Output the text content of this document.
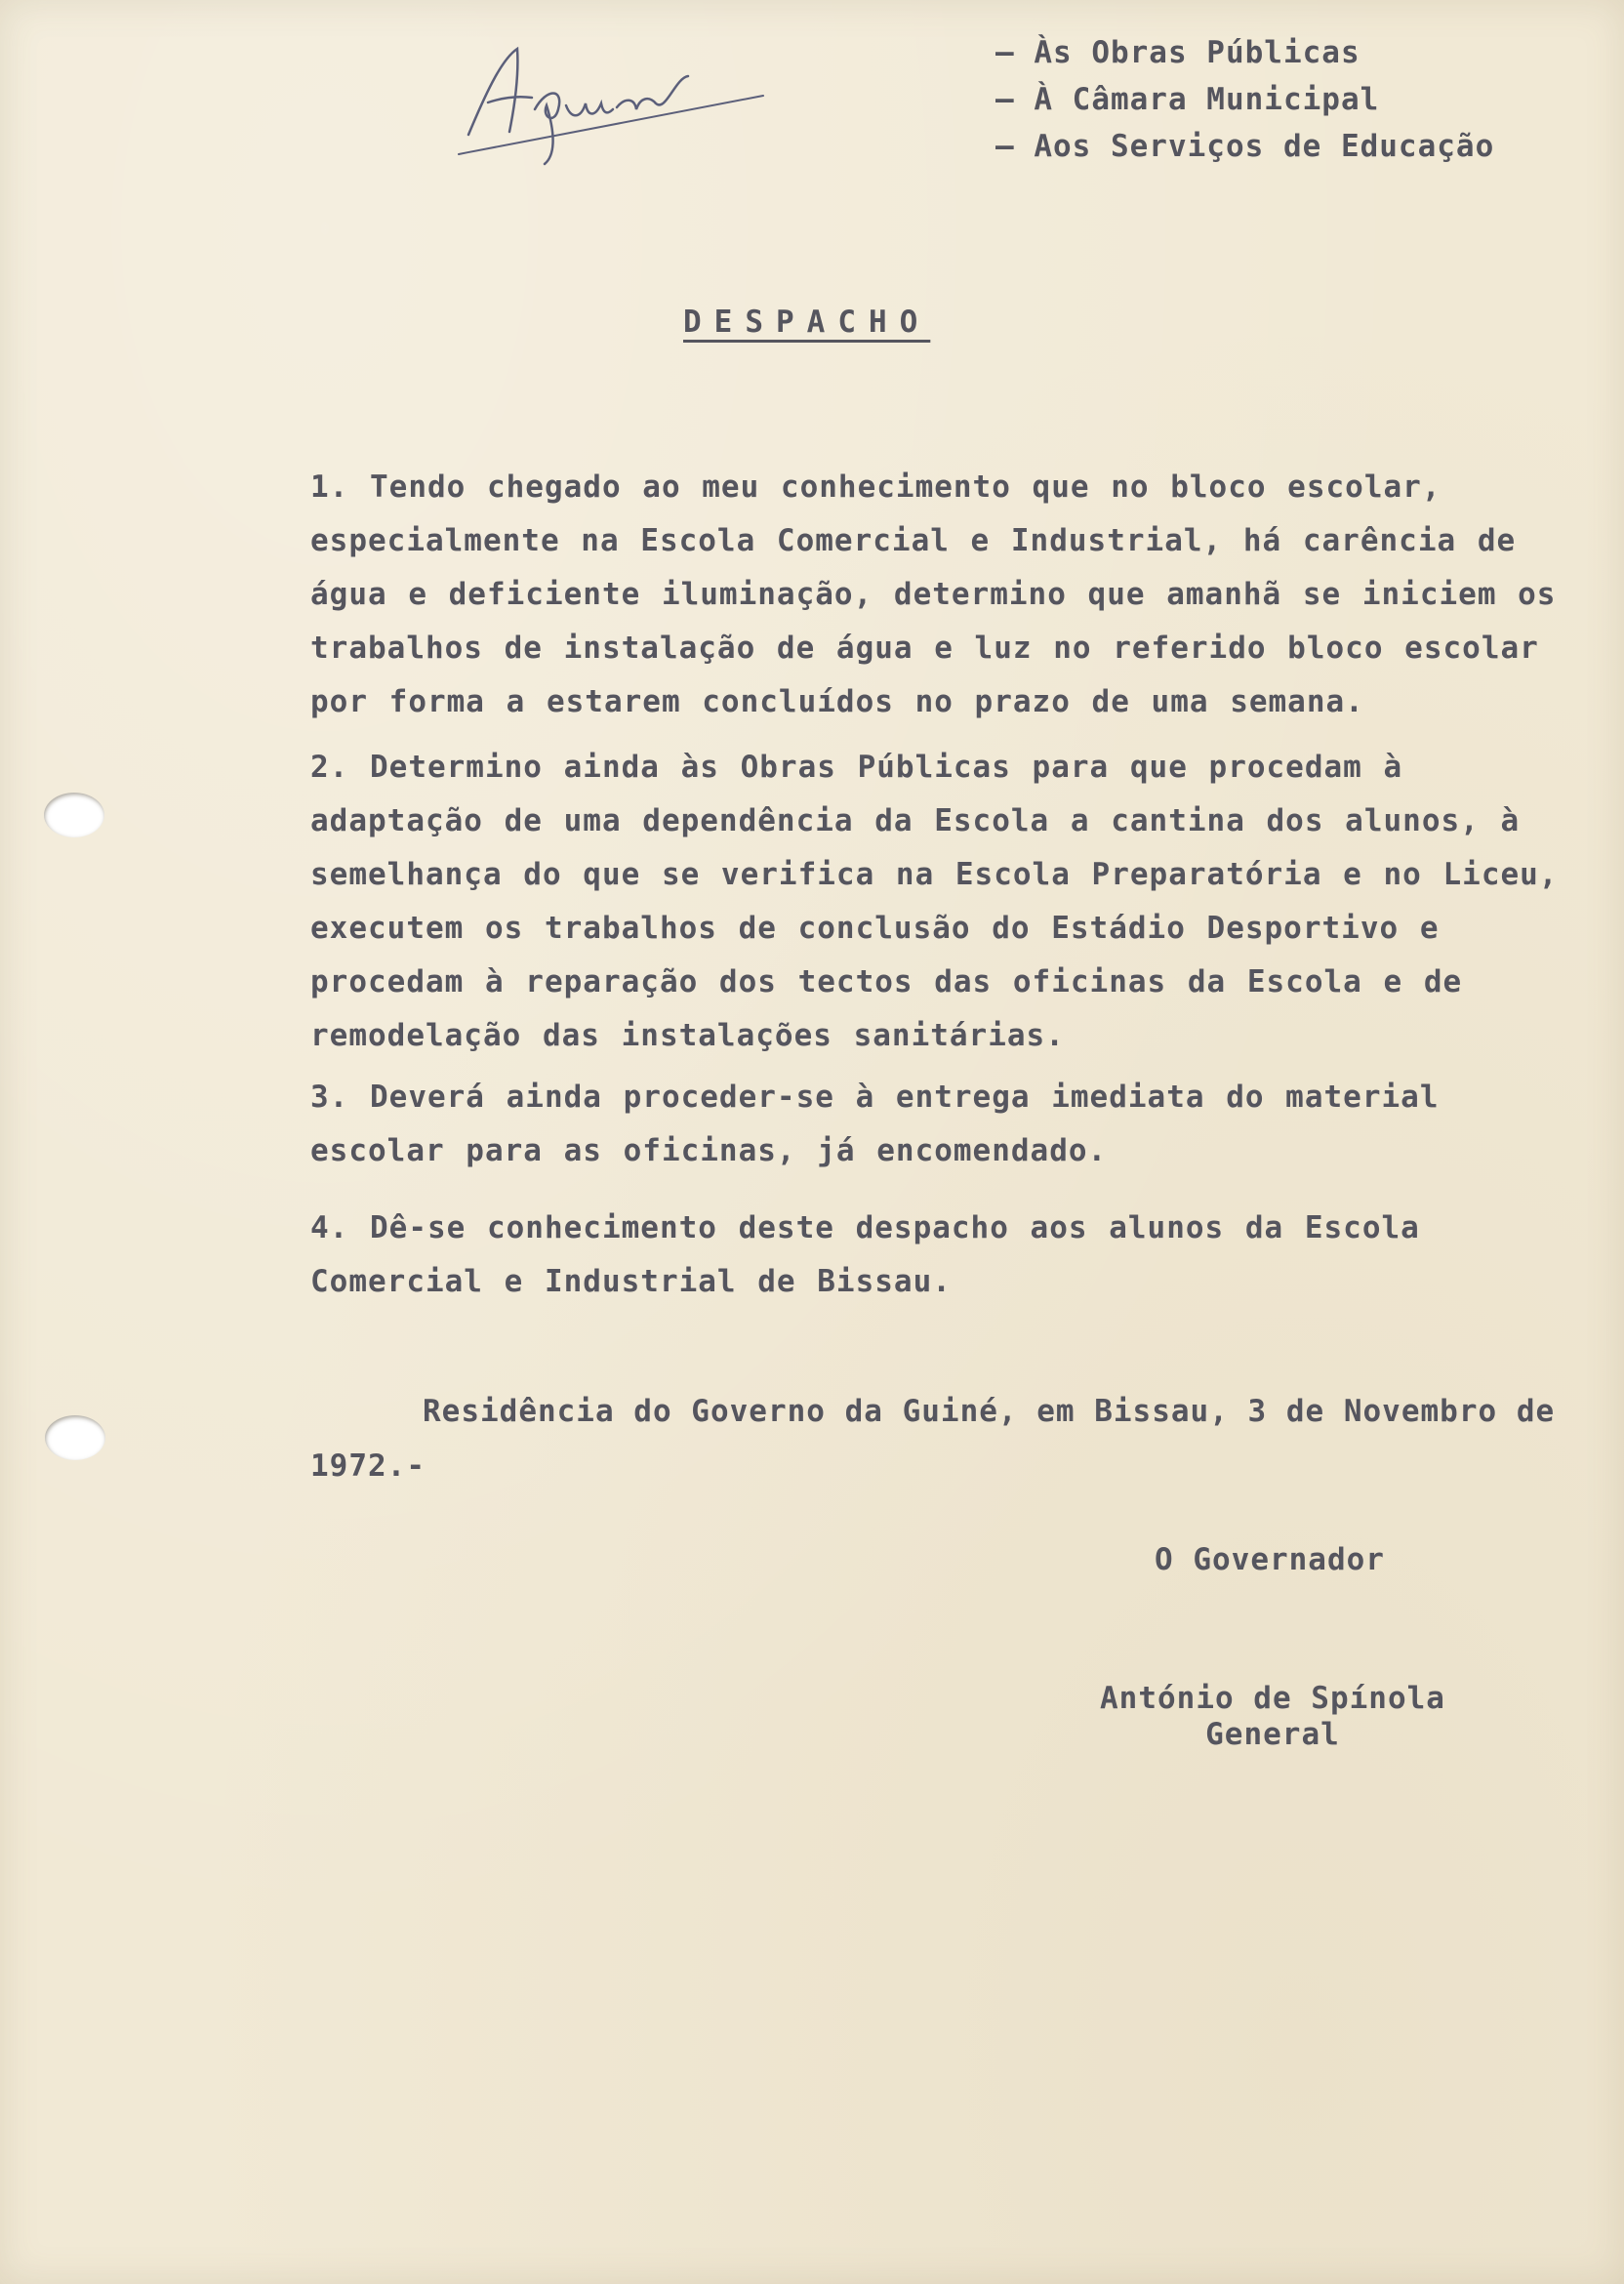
— Às Obras Públicas
— À Câmara Municipal
— Aos Serviços de Educação
DESPACHO

1. Tendo chegado ao meu conhecimento que no bloco escolar, especialmente na Escola Comercial e Industrial, há carência de água e deficiente iluminação, determino que amanhã se iniciem os trabalhos de instalação de água e luz no referido bloco escolar por forma a estarem concluídos no prazo de uma semana.

2. Determino ainda às Obras Públicas para que procedam à adaptação de uma dependência da Escola a cantina dos alunos, à semelhança do que se verifica na Escola Preparatória e no Liceu, executem os trabalhos de conclusão do Estádio Desportivo e procedam à reparação dos tectos das oficinas da Escola e de remodelação das instalações sanitárias.

3. Deverá ainda proceder-se à entrega imediata do material escolar para as oficinas, já encomendado.

4. Dê-se conhecimento deste despacho aos alunos da Escola Comercial e Industrial de Bissau.

Residência do Governo da Guiné, em Bissau, 3 de Novembro de 1972.-

O Governador

António de Spínola
General
